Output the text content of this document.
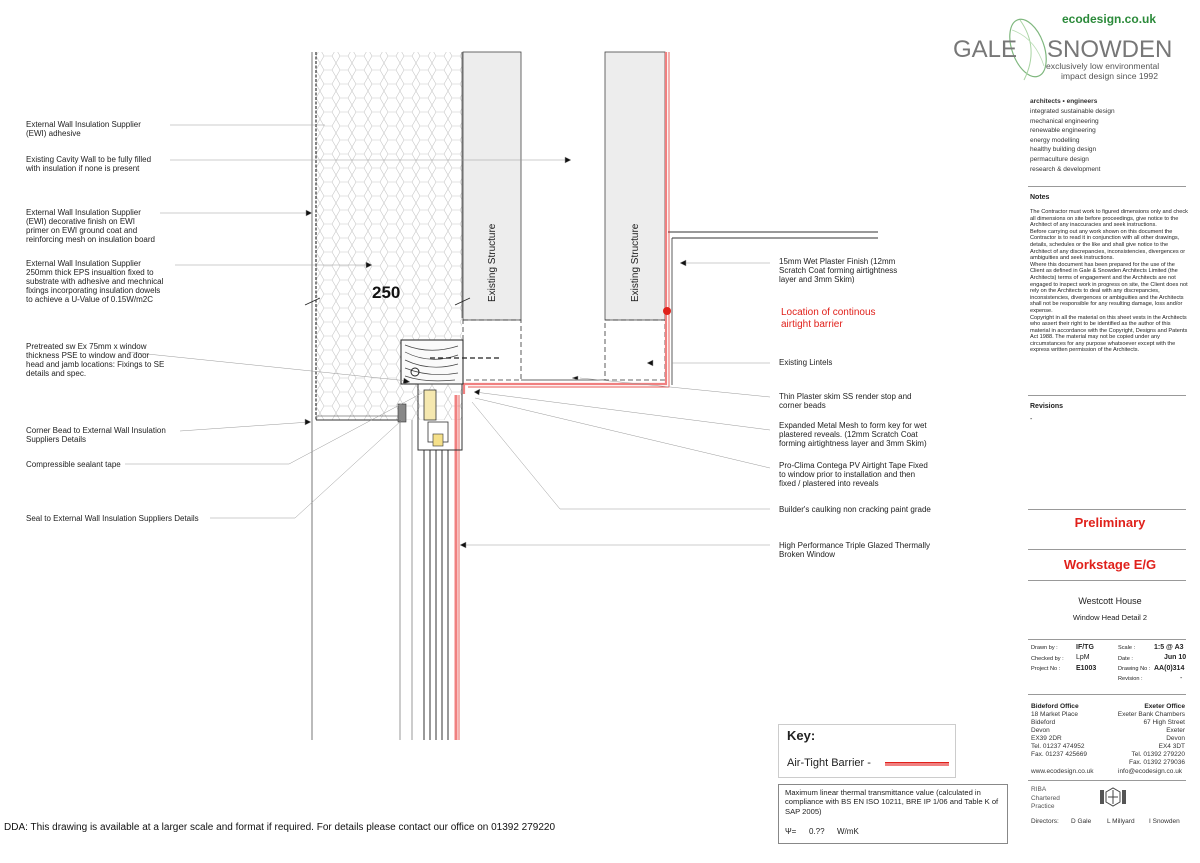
250	Existing Structure	Existing Structure
External Wall Insulation Supplier
(EWI) adhesive
Existing Cavity Wall to be fully filled
with insulation if none is present
External Wall Insulation Supplier
(EWI) decorative finish on EWI
primer on EWI ground coat and
reinforcing mesh on insulation board
External Wall Insulation Supplier
250mm thick EPS insualtion fixed to
substrate with adhesive and mechnical
fixings incorporating insulation dowels
to achieve a U-Value of 0.15W/m2C
Pretreated sw Ex 75mm x window
thickness PSE to window and door
head and jamb locations: Fixings to SE
details and spec.
Corner Bead to External Wall Insulation
Suppliers Details
Compressible sealant tape
Seal to External Wall Insulation Suppliers Details
15mm Wet Plaster Finish (12mm
Scratch Coat forming airtightness
layer and 3mm Skim)
Location of continous
airtight barrier
Existing Lintels
Thin Plaster skim SS render stop and
corner beads
Expanded Metal Mesh to form key for wet
plastered reveals. (12mm Scratch Coat
forming airtightness layer and 3mm Skim)
Pro-Clima Contega PV Airtight Tape Fixed
to window prior to installation and then
fixed / plastered into reveals
Builder's caulking non cracking paint grade
High Performance Triple Glazed Thermally
Broken Window
Key:
Air-Tight Barrier -
Maximum linear thermal transmittance value (calculated in compliance with BS EN ISO 10211, BRE IP 1/06 and Table K of SAP 2005)
Ψ= 0.?? W/mK
DDA: This drawing is available at a larger scale and format if required. For details please contact our office on 01392 279220
ecodesign.co.uk
GALE SNOWDEN
exclusively low environmental
impact design since 1992
architects • engineers
integrated sustainable design
mechanical engineering
renewable engineering
energy modelling
healthy building design
permaculture design
research & development
Notes
The Contractor must work to figured dimensions only and check all dimensions on site before proceedings, give notice to the Architect of any inaccuracies and seek instructions.
Before carrying out any work shown on this document the Contractor is to read it in conjunction with all other drawings, details, schedules or the like and shall give notice to the Architect of any discrepancies, inconsistencies, divergences or ambiguities and seek instructions.
Where this document has been prepared for the use of the Client as defined in Gale & Snowden Architects Limited (the Architects) terms of engagement and the Architects are not engaged to inspect work in progress on site, the Client does not rely on the Architects to deal with any discrepancies, inconsistencies, divergences or ambiguities and the Architects shall not be responsible for any resulting damage, loss and/or expense.
Copyright in all the material on this sheet vests in the Architects who assert their right to be identified as the author of this material in accordance with the Copyright, Designs and Patents Act 1988. The material may not be copied under any circumstances for any purpose whatsoever except with the express written permission of the Architects.
Revisions
-
Preliminary
Workstage E/G
Westcott House
Window Head Detail 2
Drawn by :	IF/TG	Scale :	1:5 @ A3
Checked by : LpM	Date :	Jun 10
Project No : E1003	Drawing No : AA(0)314
Revision :	-
Bideford Office
18 Market Place
Bideford
Devon
EX39 2DR
Tel. 01237 474952
Fax. 01237 425669
Exeter Office
Exeter Bank Chambers
67 High Street
Exeter
Devon
EX4 3DT
Tel. 01392 279220
Fax. 01392 279036
www.ecodesign.co.uk	info@ecodesign.co.uk
RIBA
Chartered
Practice
Directors: D Gale L Millyard I Snowden
